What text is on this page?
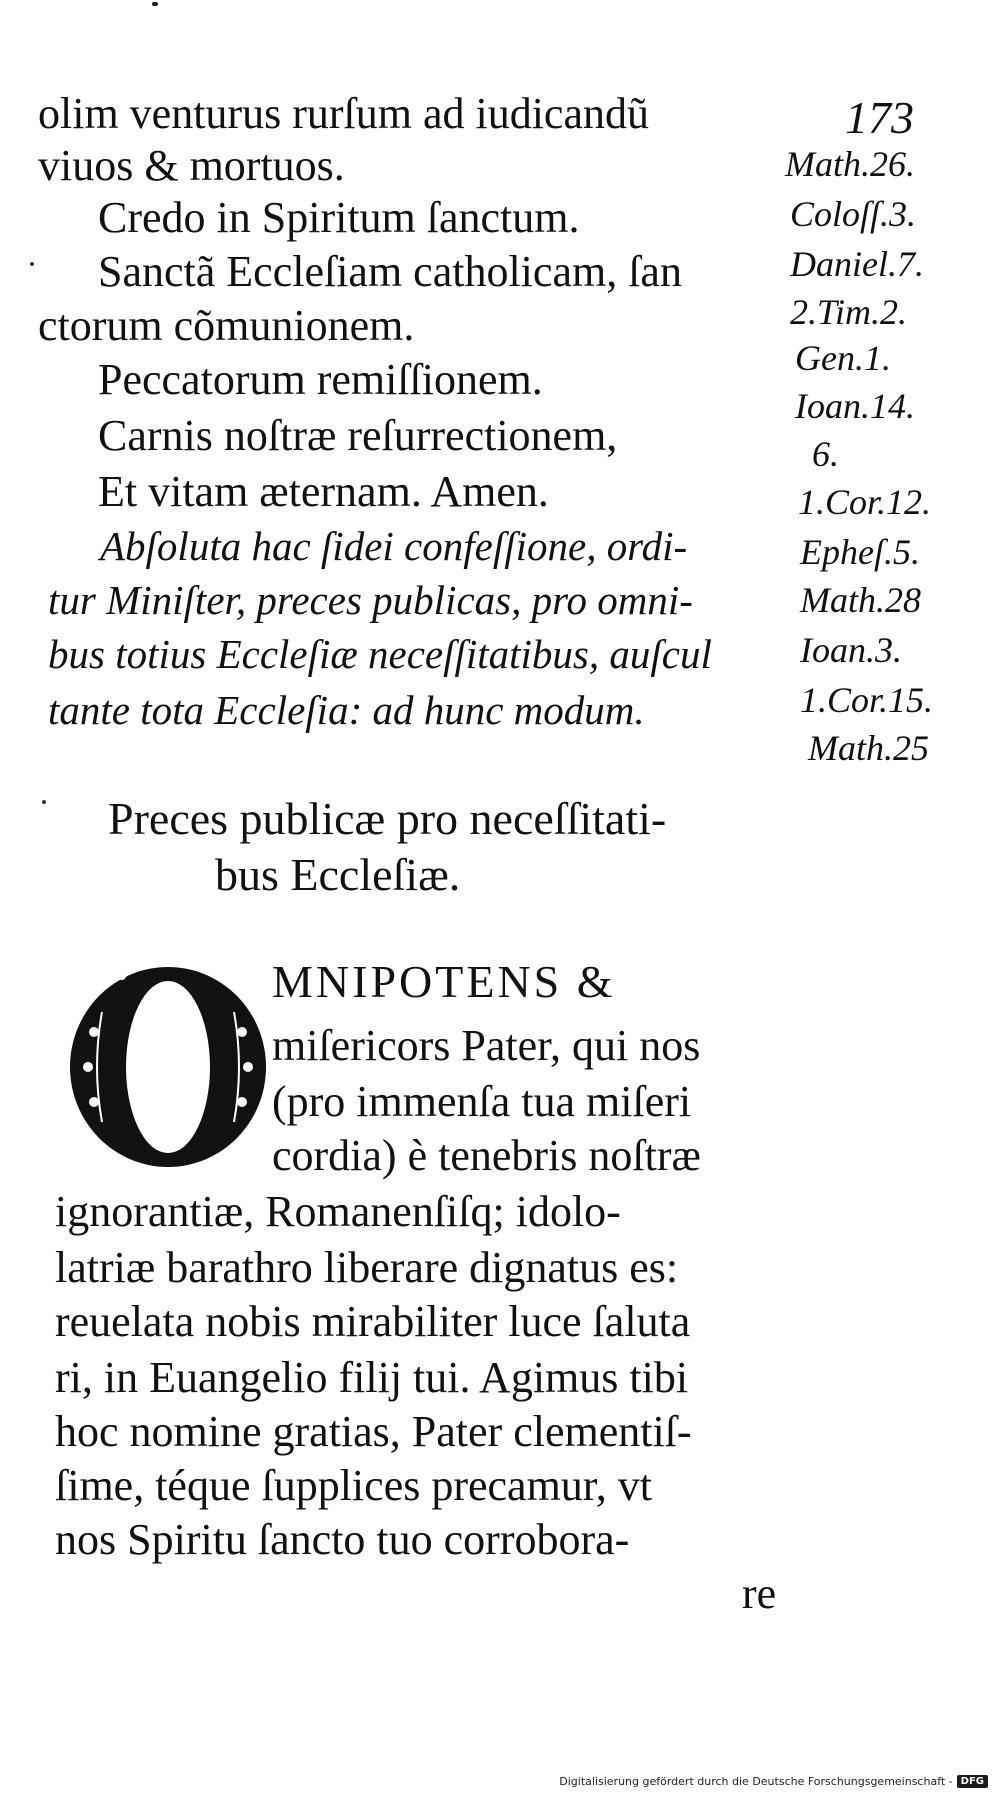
173
olim venturus rurſum ad iudicandũ
viuos & mortuos.
Credo in Spiritum ſanctum.
Sanctã Eccleſiam catholicam, ſan
ctorum cõmunionem.
Peccatorum remiſſionem.
Carnis noſtræ reſurrectionem,
Et vitam æternam. Amen.
Abſoluta hac ſidei confeſſione, ordi-
tur Miniſter, preces publicas, pro omni-
bus totius Eccleſiæ neceſſitatibus, auſcul
tante tota Eccleſia: ad hunc modum.
Math.26.
Coloſſ.3.
Daniel.7.
2.Tim.2.
Gen.1.
Ioan.14.
6.
1.Cor.12.
Epheſ.5.
Math.28
Ioan.3.
1.Cor.15.
Math.25
Preces publicæ pro neceſſitati-
bus Eccleſiæ.
MNIPOTENS &
miſericors Pater, qui nos
(pro immenſa tua miſeri
cordia) è tenebris noſtræ
ignorantiæ, Romanenſiſq; idolo-
latriæ barathro liberare dignatus es:
reuelata nobis mirabiliter luce ſaluta
ri, in Euangelio filij tui. Agimus tibi
hoc nomine gratias, Pater clementiſ-
ſime, téque ſupplices precamur, vt
nos Spiritu ſancto tuo corrobora-
re
Digitalisierung gefördert durch die Deutsche Forschungsgemeinschaft - DFG
